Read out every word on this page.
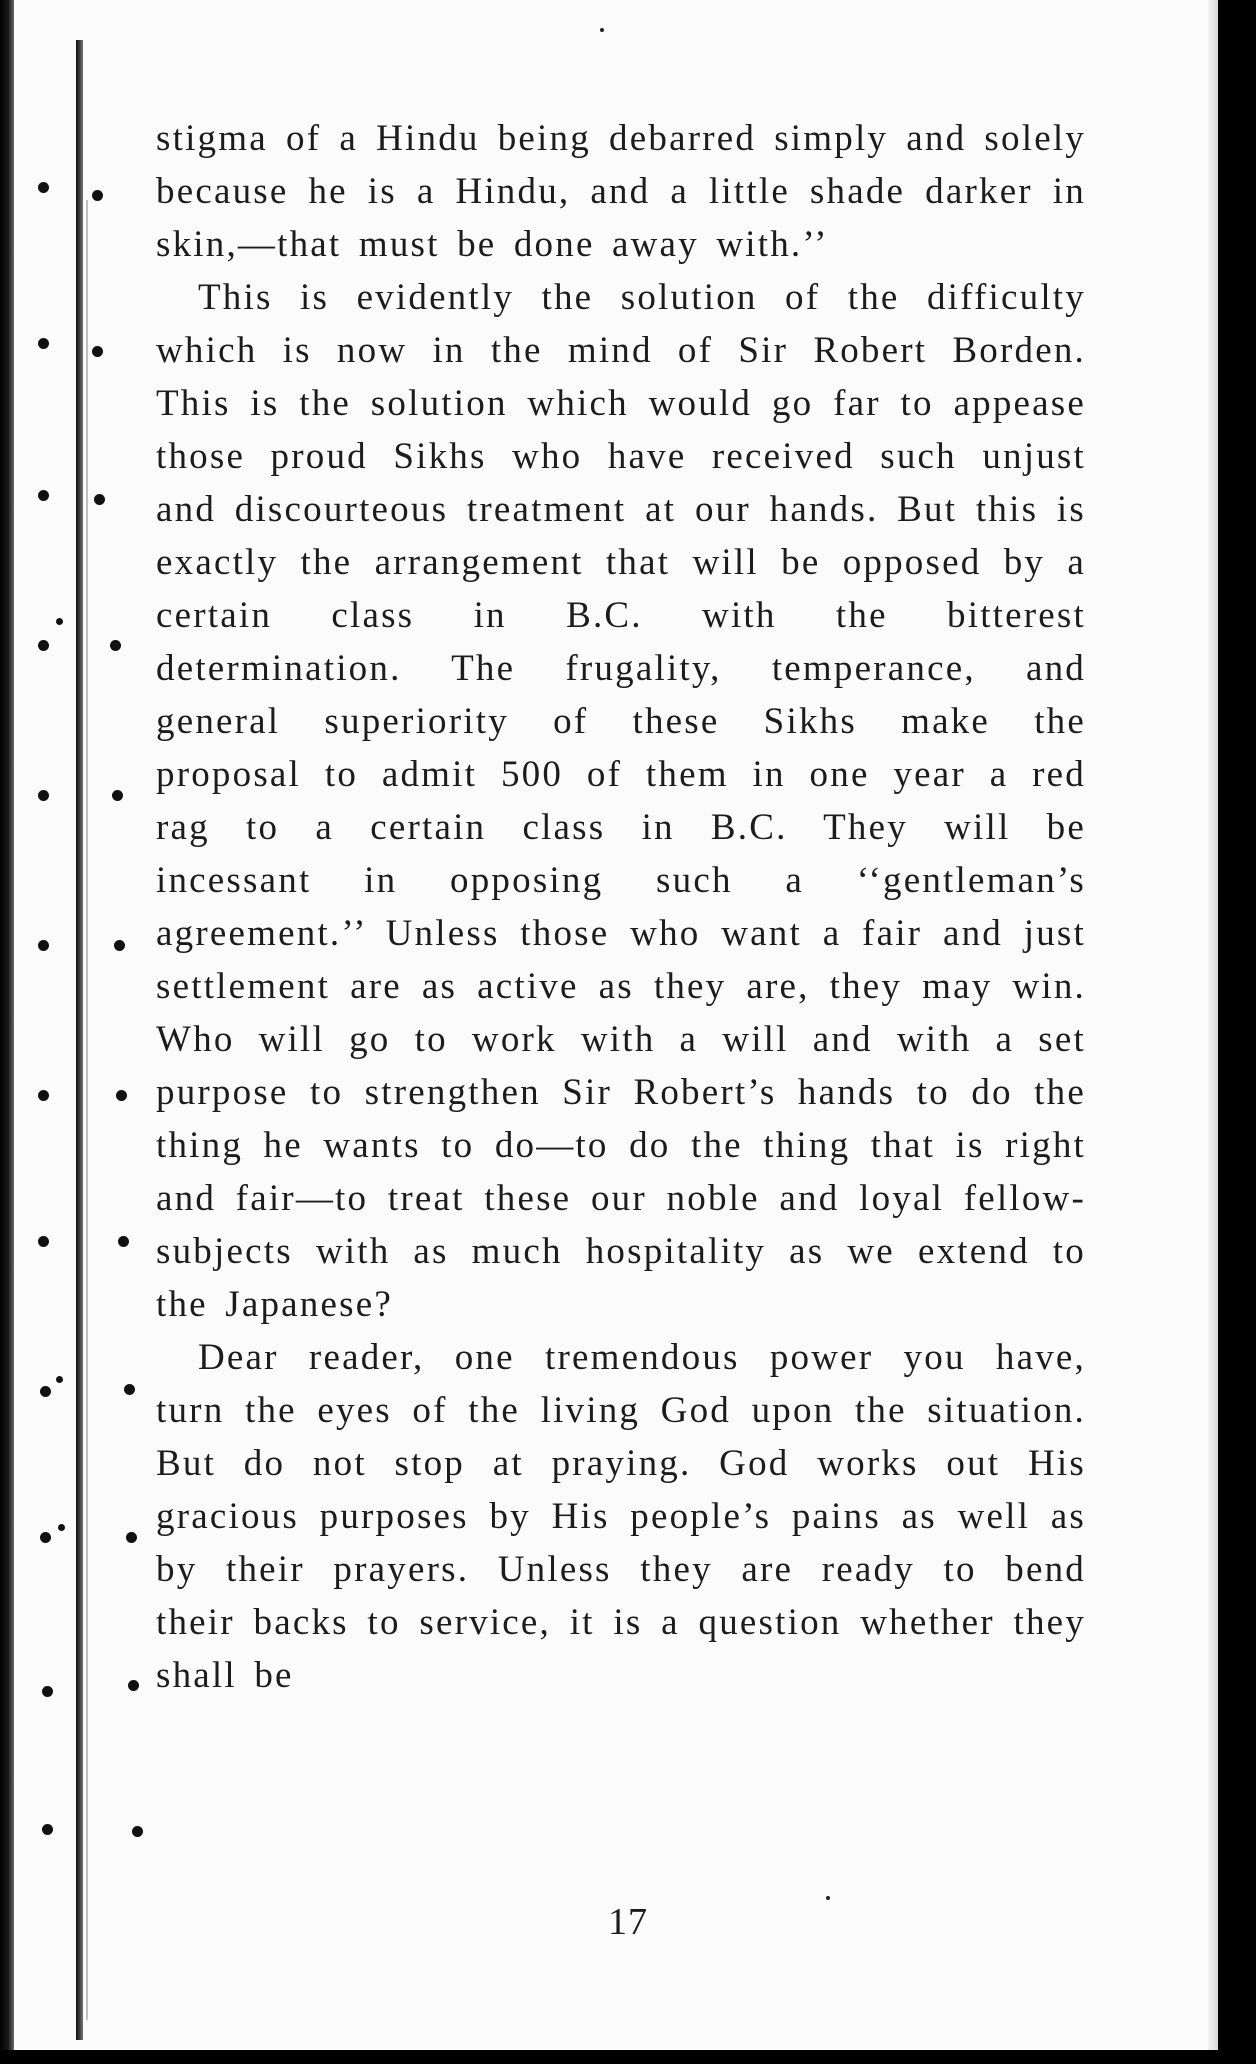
stigma of a Hindu being debarred simply and solely because he is a Hindu, and a little shade darker in skin,—that must be done away with.’’

This is evidently the solution of the difficulty which is now in the mind of Sir Robert Borden. This is the solution which would go far to appease those proud Sikhs who have received such unjust and discourteous treatment at our hands. But this is exactly the arrangement that will be opposed by a certain class in B.C. with the bitterest determination. The frugality, temperance, and general superiority of these Sikhs make the proposal to admit 500 of them in one year a red rag to a certain class in B.C. They will be incessant in opposing such a ‘‘gentleman’s agreement.’’ Unless those who want a fair and just settlement are as active as they are, they may win. Who will go to work with a will and with a set purpose to strengthen Sir Robert’s hands to do the thing he wants to do—to do the thing that is right and fair—to treat these our noble and loyal fellow-subjects with as much hospitality as we extend to the Japanese?

Dear reader, one tremendous power you have, turn the eyes of the living God upon the situation. But do not stop at praying. God works out His gracious purposes by His people’s pains as well as by their prayers. Unless they are ready to bend their backs to service, it is a question whether they shall be

17
